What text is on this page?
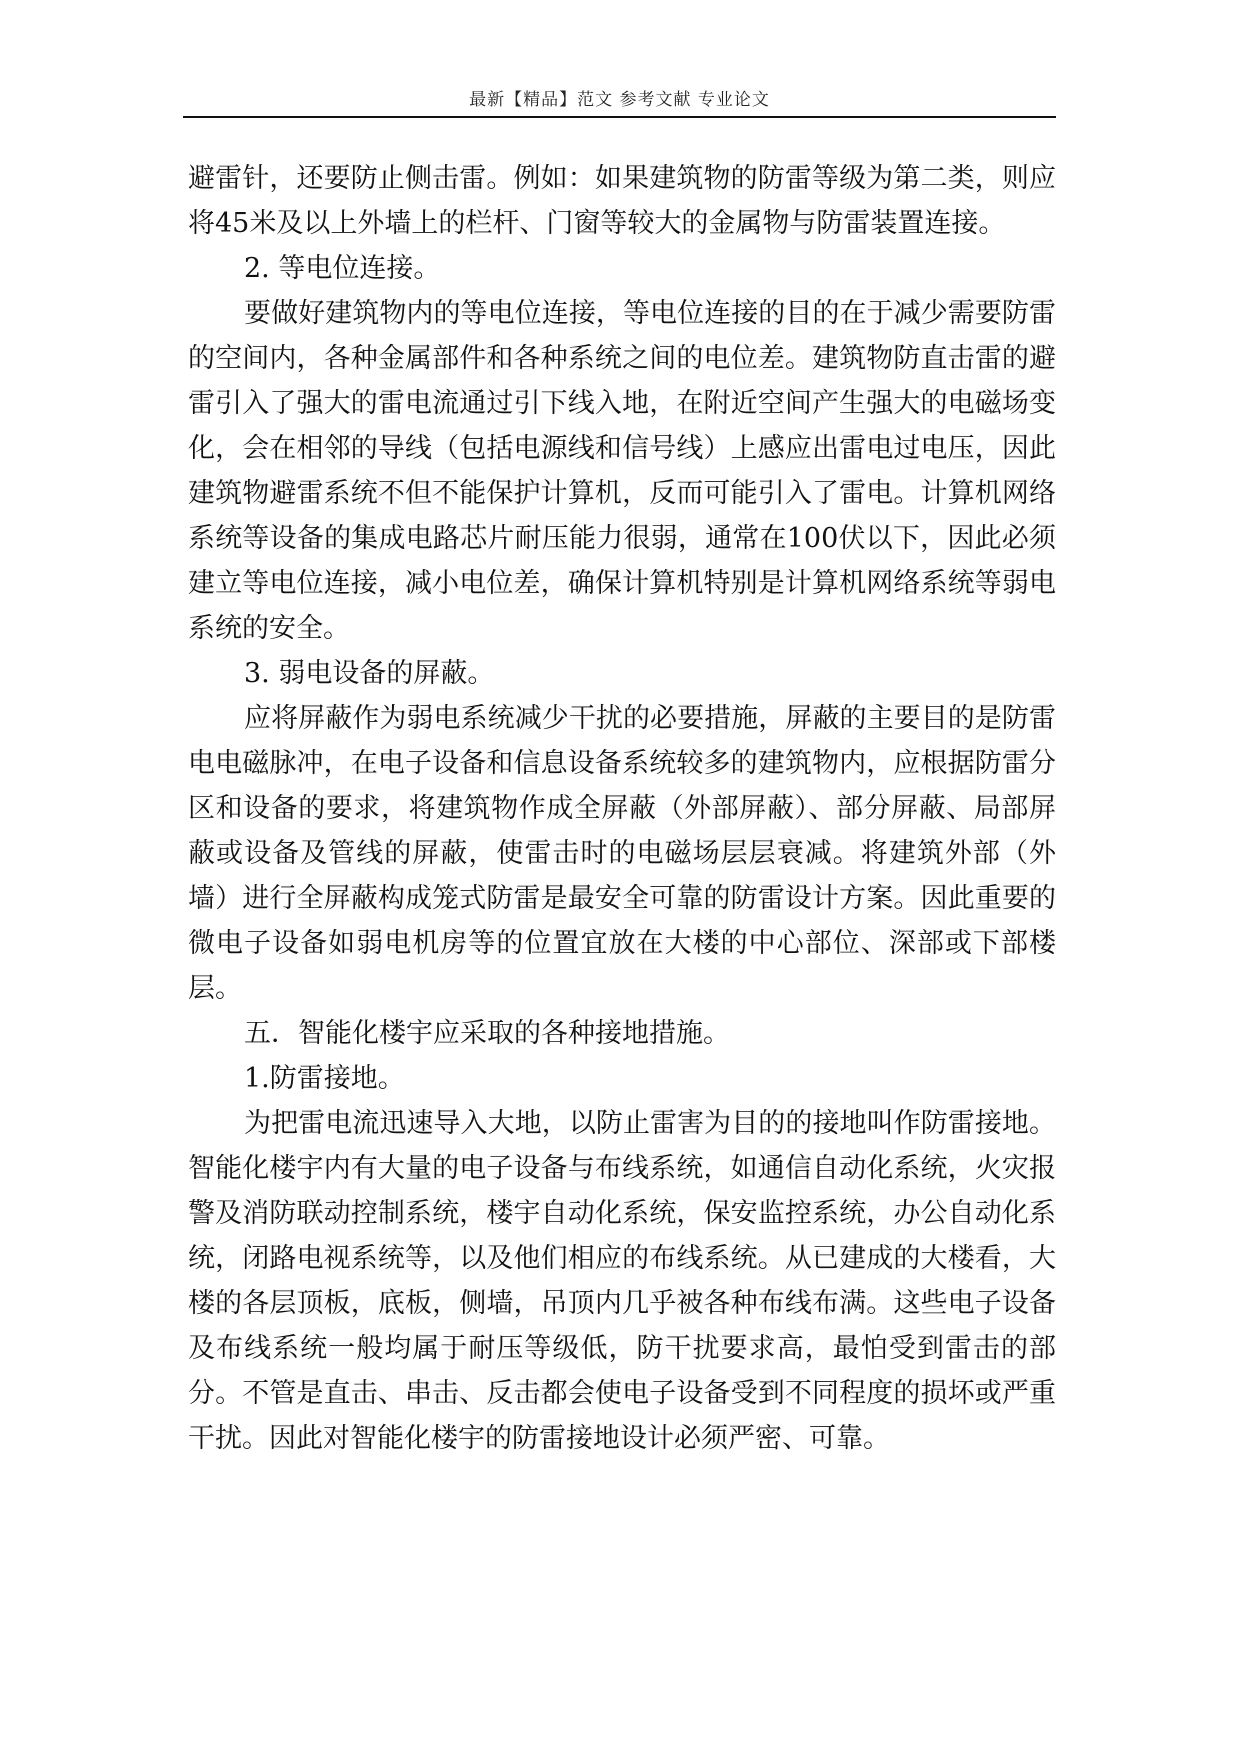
最新【精品】范文 参考文献 专业论文

避雷针，还要防止侧击雷。例如：如果建筑物的防雷等级为第二类，则应将45米及以上外墙上的栏杆、门窗等较大的金属物与防雷装置连接。

2. 等电位连接。

要做好建筑物内的等电位连接，等电位连接的目的在于减少需要防雷的空间内，各种金属部件和各种系统之间的电位差。建筑物防直击雷的避雷引入了强大的雷电流通过引下线入地，在附近空间产生强大的电磁场变化，会在相邻的导线（包括电源线和信号线）上感应出雷电过电压，因此建筑物避雷系统不但不能保护计算机，反而可能引入了雷电。计算机网络系统等设备的集成电路芯片耐压能力很弱，通常在100伏以下，因此必须建立等电位连接，减小电位差，确保计算机特别是计算机网络系统等弱电系统的安全。

3. 弱电设备的屏蔽。

应将屏蔽作为弱电系统减少干扰的必要措施，屏蔽的主要目的是防雷电电磁脉冲，在电子设备和信息设备系统较多的建筑物内，应根据防雷分区和设备的要求，将建筑物作成全屏蔽（外部屏蔽）、部分屏蔽、局部屏蔽或设备及管线的屏蔽，使雷击时的电磁场层层衰减。将建筑外部（外墙）进行全屏蔽构成笼式防雷是最安全可靠的防雷设计方案。因此重要的微电子设备如弱电机房等的位置宜放在大楼的中心部位、深部或下部楼层。

五．智能化楼宇应采取的各种接地措施。

1.防雷接地。

为把雷电流迅速导入大地，以防止雷害为目的的接地叫作防雷接地。智能化楼宇内有大量的电子设备与布线系统，如通信自动化系统，火灾报警及消防联动控制系统，楼宇自动化系统，保安监控系统，办公自动化系统，闭路电视系统等，以及他们相应的布线系统。从已建成的大楼看，大楼的各层顶板，底板，侧墙，吊顶内几乎被各种布线布满。这些电子设备及布线系统一般均属于耐压等级低，防干扰要求高，最怕受到雷击的部分。不管是直击、串击、反击都会使电子设备受到不同程度的损坏或严重干扰。因此对智能化楼宇的防雷接地设计必须严密、可靠。
